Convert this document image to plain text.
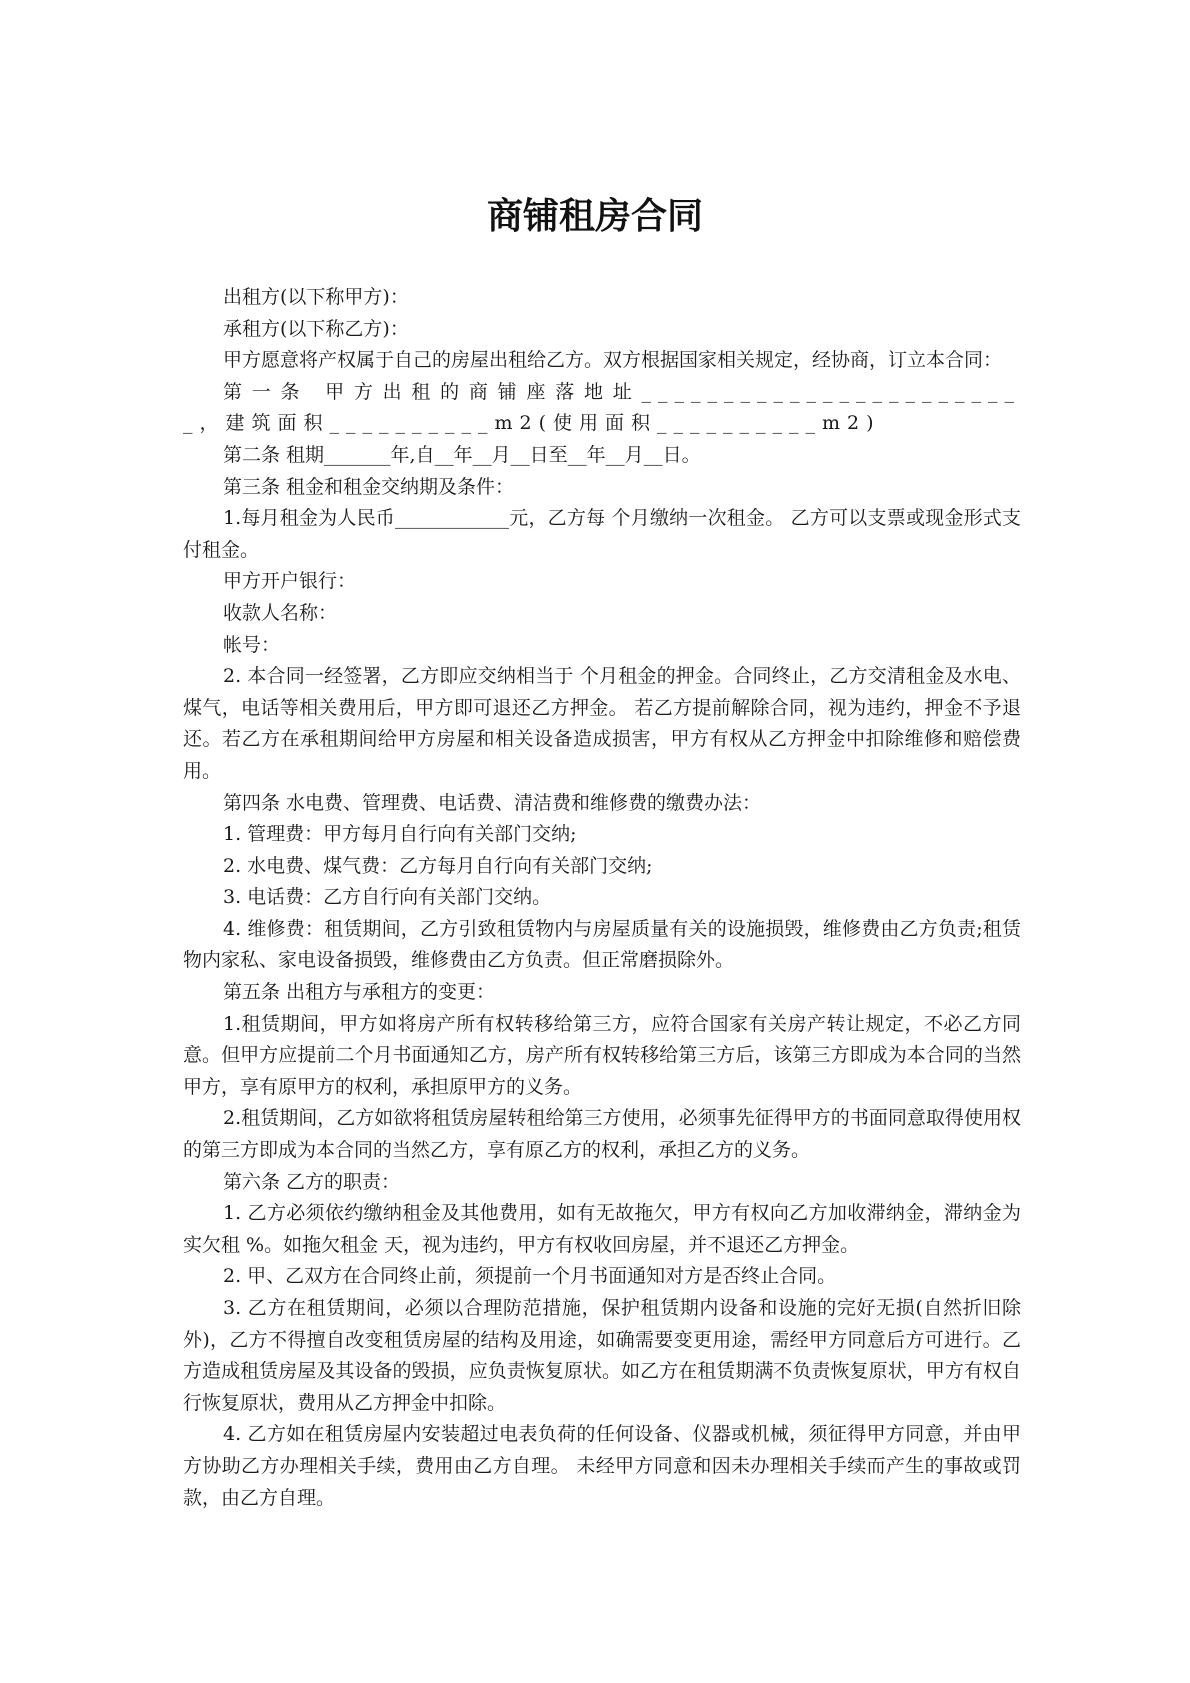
商铺租房合同

出租方(以下称甲方)：

承租方(以下称乙方)：

甲方愿意将产权属于自己的房屋出租给乙方。双方根据国家相关规定，经协商，订立本合同：

第一条 甲方出租的商铺座落地址________________________，建筑面积__________m2(使用面积__________m2)

第二条 租期_______年,自__年__月__日至__年__月__日。

第三条 租金和租金交纳期及条件：

1.每月租金为人民币____________元，乙方每 个月缴纳一次租金。 乙方可以支票或现金形式支付租金。

甲方开户银行：

收款人名称：

帐号：

2. 本合同一经签署，乙方即应交纳相当于 个月租金的押金。合同终止，乙方交清租金及水电、煤气，电话等相关费用后，甲方即可退还乙方押金。 若乙方提前解除合同，视为违约，押金不予退还。若乙方在承租期间给甲方房屋和相关设备造成损害，甲方有权从乙方押金中扣除维修和赔偿费用。

第四条 水电费、管理费、电话费、清洁费和维修费的缴费办法：

1. 管理费：甲方每月自行向有关部门交纳;

2. 水电费、煤气费：乙方每月自行向有关部门交纳;

3. 电话费：乙方自行向有关部门交纳。

4. 维修费：租赁期间，乙方引致租赁物内与房屋质量有关的设施损毁，维修费由乙方负责;租赁物内家私、家电设备损毁，维修费由乙方负责。但正常磨损除外。

第五条 出租方与承租方的变更：

1.租赁期间，甲方如将房产所有权转移给第三方，应符合国家有关房产转让规定，不必乙方同意。但甲方应提前二个月书面通知乙方，房产所有权转移给第三方后，该第三方即成为本合同的当然甲方，享有原甲方的权利，承担原甲方的义务。

2.租赁期间，乙方如欲将租赁房屋转租给第三方使用，必须事先征得甲方的书面同意取得使用权的第三方即成为本合同的当然乙方，享有原乙方的权利，承担乙方的义务。

第六条 乙方的职责：

1. 乙方必须依约缴纳租金及其他费用，如有无故拖欠，甲方有权向乙方加收滞纳金，滞纳金为实欠租 %。如拖欠租金 天，视为违约，甲方有权收回房屋，并不退还乙方押金。

2. 甲、乙双方在合同终止前，须提前一个月书面通知对方是否终止合同。

3. 乙方在租赁期间，必须以合理防范措施，保护租赁期内设备和设施的完好无损(自然折旧除外)，乙方不得擅自改变租赁房屋的结构及用途，如确需要变更用途，需经甲方同意后方可进行。乙方造成租赁房屋及其设备的毁损，应负责恢复原状。如乙方在租赁期满不负责恢复原状，甲方有权自行恢复原状，费用从乙方押金中扣除。

4. 乙方如在租赁房屋内安装超过电表负荷的任何设备、仪器或机械，须征得甲方同意，并由甲方协助乙方办理相关手续，费用由乙方自理。 未经甲方同意和因未办理相关手续而产生的事故或罚款，由乙方自理。
